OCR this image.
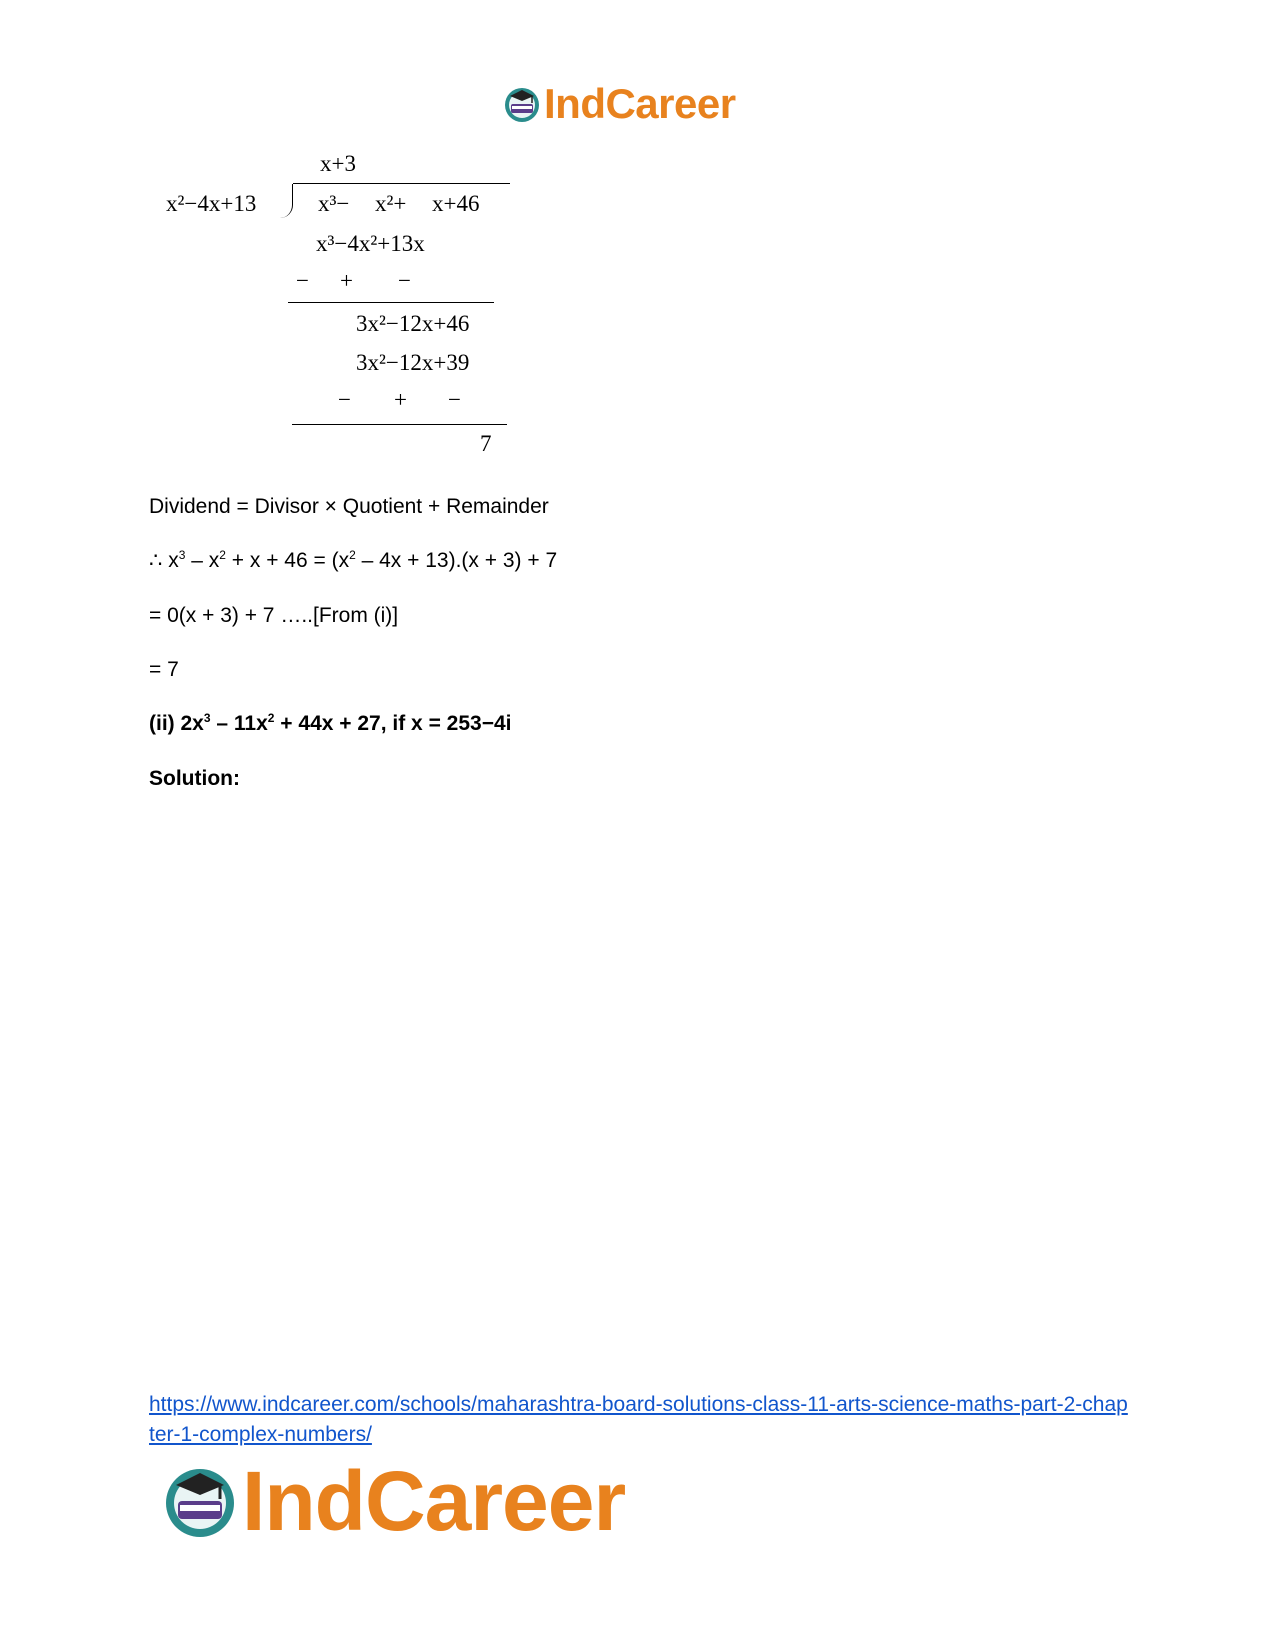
IndCareer
x+3
x²−4x+13	x³− x²+ x+46
x³−4x²+13x
− + −
3x²−12x+46
3x²−12x+39
− + −
7
Dividend = Divisor × Quotient + Remainder
∴ $x^3 - x^2 + x + 46 = (x^2 - 4x + 13).(x + 3) + 7$
= 0(x + 3) + 7 …..[From (i)]
= 7
(ii) $2x^3 - 11x^2 + 44x + 27$, if x = 253−4i
Solution:
https://www.indcareer.com/schools/maharashtra-board-solutions-class-11-arts-science-maths-part-2-chapter-1-complex-numbers/
IndCareer
